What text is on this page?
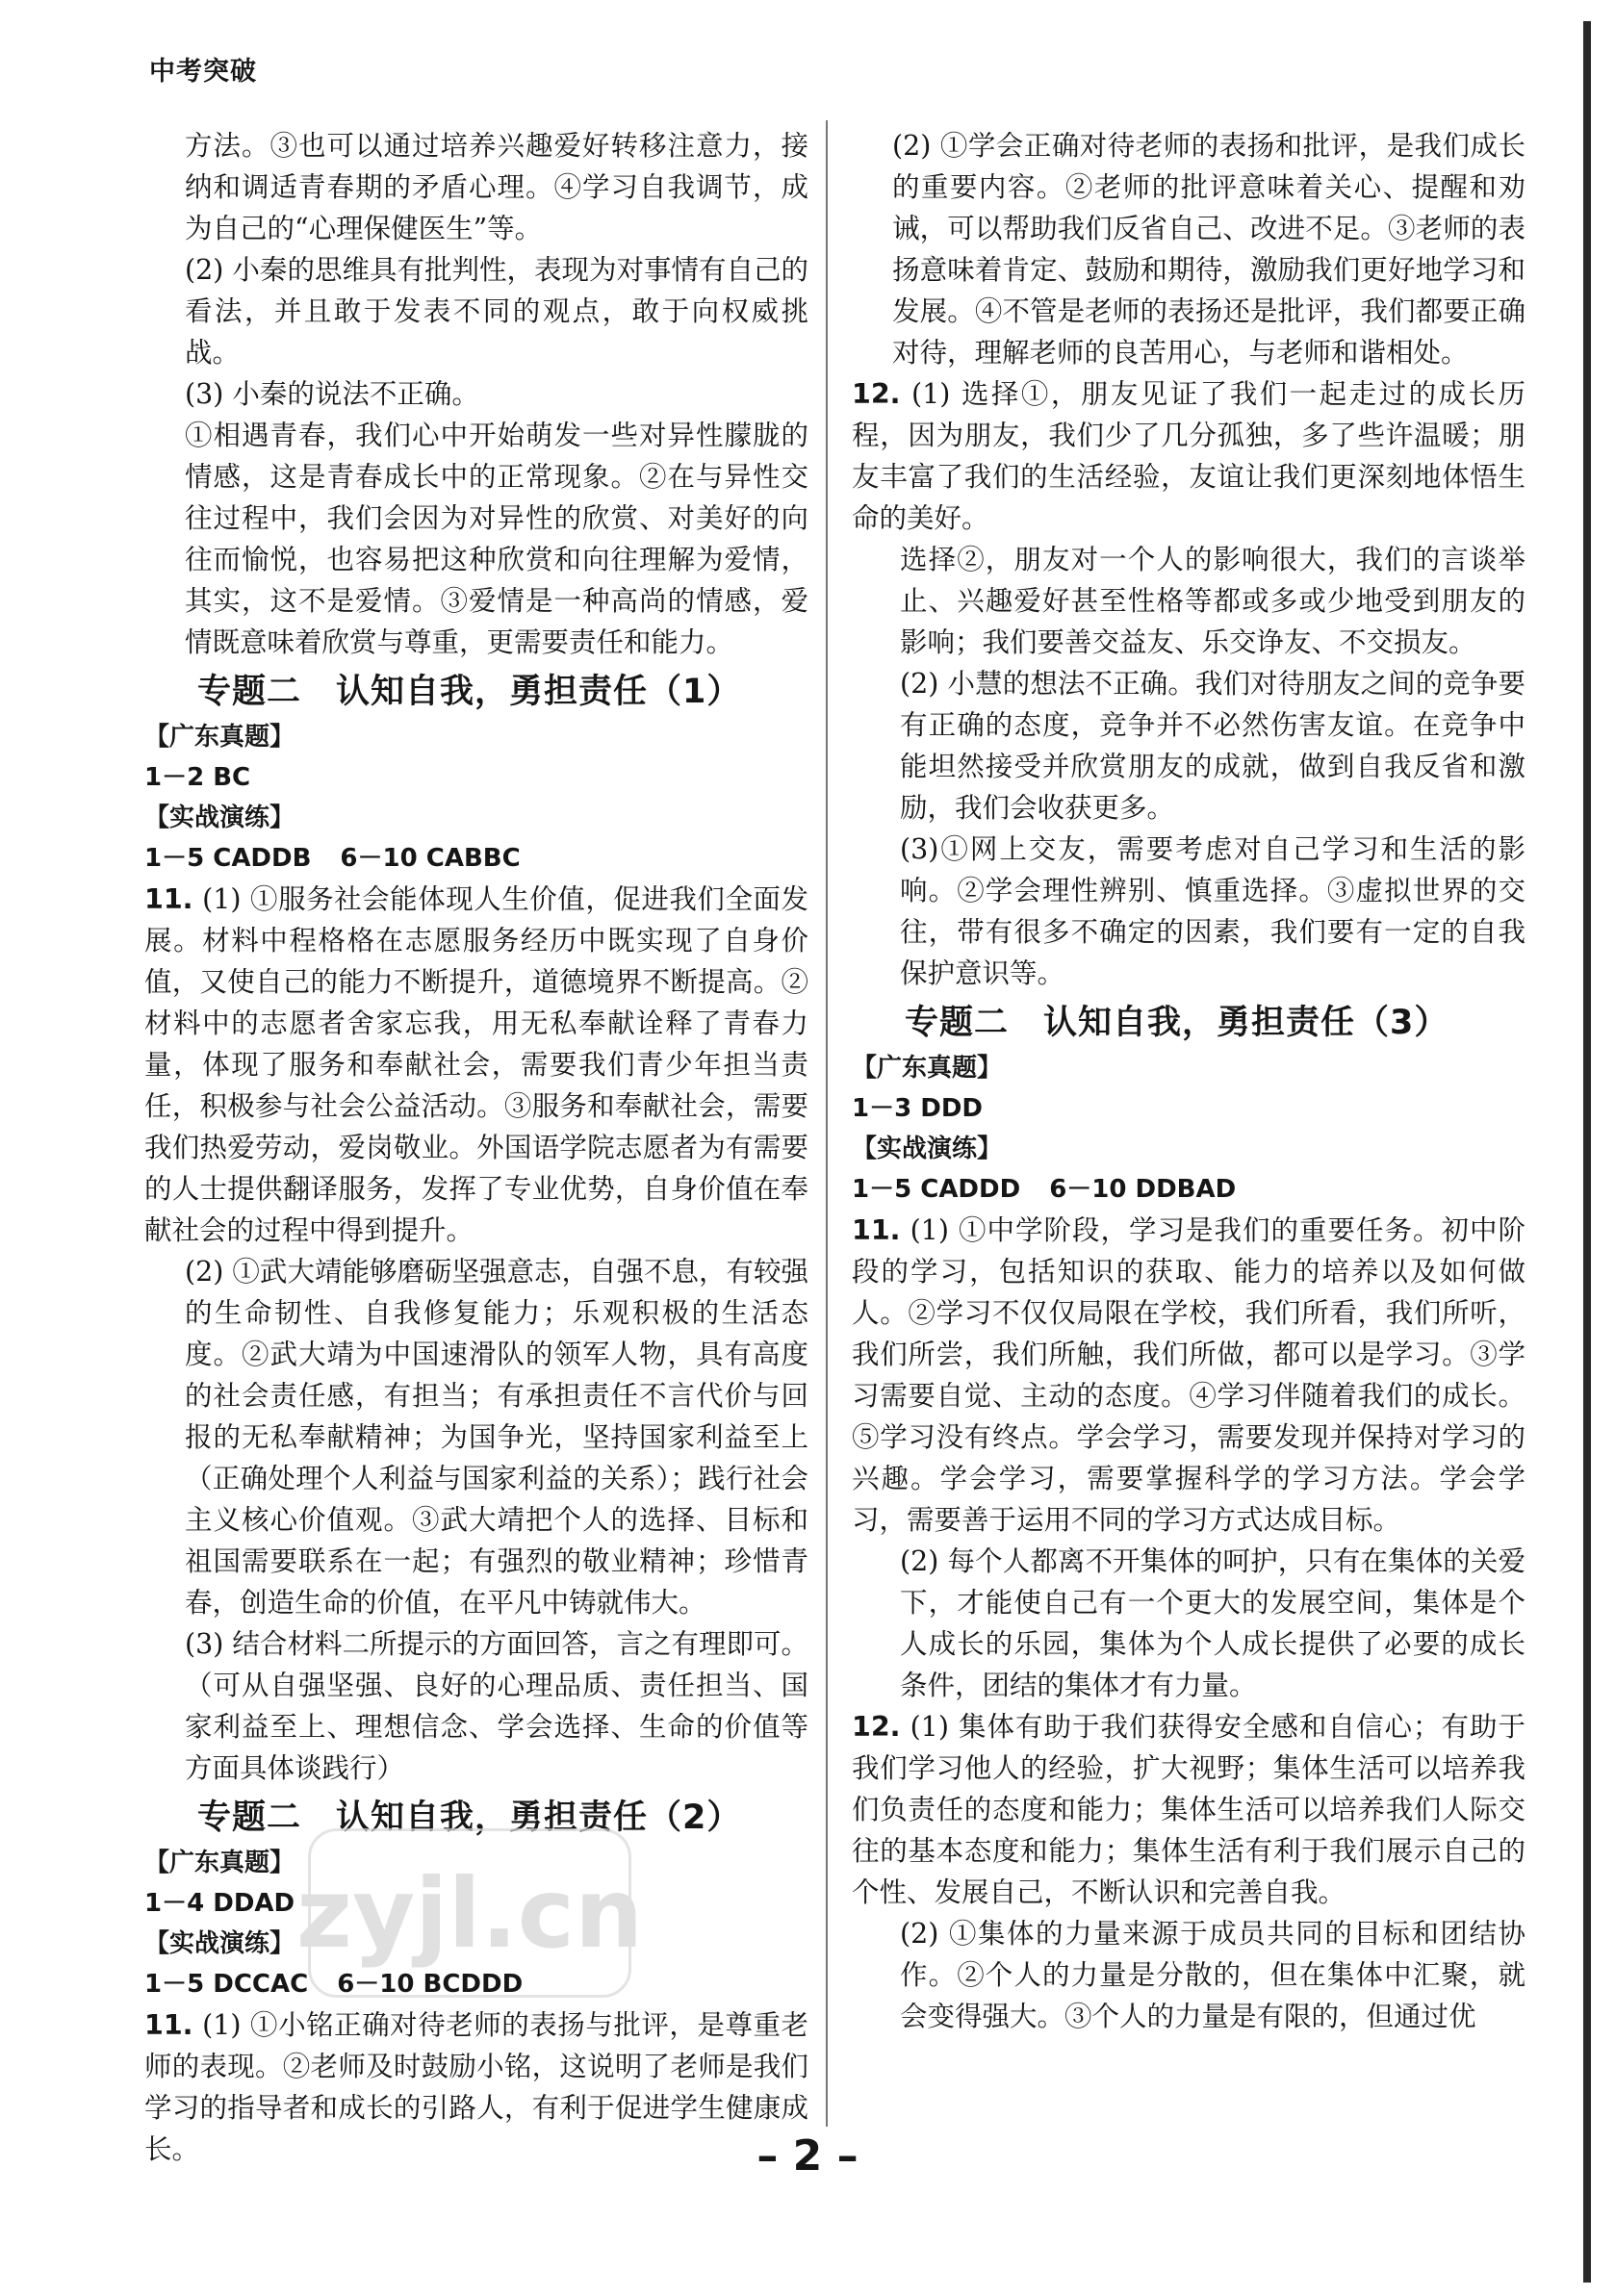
中考突破

方法。③也可以通过培养兴趣爱好转移注意力，接纳和调适青春期的矛盾心理。④学习自我调节，成为自己的“心理保健医生”等。

(2) 小秦的思维具有批判性，表现为对事情有自己的看法，并且敢于发表不同的观点，敢于向权威挑战。

(3) 小秦的说法不正确。

①相遇青春，我们心中开始萌发一些对异性朦胧的情感，这是青春成长中的正常现象。②在与异性交往过程中，我们会因为对异性的欣赏、对美好的向往而愉悦，也容易把这种欣赏和向往理解为爱情，其实，这不是爱情。③爱情是一种高尚的情感，爱情既意味着欣赏与尊重，更需要责任和能力。

专题二　认知自我，勇担责任（1）
【广东真题】
1－2 BC
【实战演练】
1－5 CADDB 6－10 CABBC

11. (1) ①服务社会能体现人生价值，促进我们全面发展。材料中程格格在志愿服务经历中既实现了自身价值，又使自己的能力不断提升，道德境界不断提高。②材料中的志愿者舍家忘我，用无私奉献诠释了青春力量，体现了服务和奉献社会，需要我们青少年担当责任，积极参与社会公益活动。③服务和奉献社会，需要我们热爱劳动，爱岗敬业。外国语学院志愿者为有需要的人士提供翻译服务，发挥了专业优势，自身价值在奉献社会的过程中得到提升。

(2) ①武大靖能够磨砺坚强意志，自强不息，有较强的生命韧性、自我修复能力；乐观积极的生活态度。②武大靖为中国速滑队的领军人物，具有高度的社会责任感，有担当；有承担责任不言代价与回报的无私奉献精神；为国争光，坚持国家利益至上（正确处理个人利益与国家利益的关系）；践行社会主义核心价值观。③武大靖把个人的选择、目标和祖国需要联系在一起；有强烈的敬业精神；珍惜青春，创造生命的价值，在平凡中铸就伟大。

(3) 结合材料二所提示的方面回答，言之有理即可。（可从自强坚强、良好的心理品质、责任担当、国家利益至上、理想信念、学会选择、生命的价值等方面具体谈践行）

专题二　认知自我，勇担责任（2）
【广东真题】
1－4 DDAD
【实战演练】
1－5 DCCAC 6－10 BCDDD

11. (1) ①小铭正确对待老师的表扬与批评，是尊重老师的表现。②老师及时鼓励小铭，这说明了老师是我们学习的指导者和成长的引路人，有利于促进学生健康成长。

(2) ①学会正确对待老师的表扬和批评，是我们成长的重要内容。②老师的批评意味着关心、提醒和劝诫，可以帮助我们反省自己、改进不足。③老师的表扬意味着肯定、鼓励和期待，激励我们更好地学习和发展。④不管是老师的表扬还是批评，我们都要正确对待，理解老师的良苦用心，与老师和谐相处。

12. (1) 选择①，朋友见证了我们一起走过的成长历程，因为朋友，我们少了几分孤独，多了些许温暖；朋友丰富了我们的生活经验，友谊让我们更深刻地体悟生命的美好。

选择②，朋友对一个人的影响很大，我们的言谈举止、兴趣爱好甚至性格等都或多或少地受到朋友的影响；我们要善交益友、乐交诤友、不交损友。

(2) 小慧的想法不正确。我们对待朋友之间的竞争要有正确的态度，竞争并不必然伤害友谊。在竞争中能坦然接受并欣赏朋友的成就，做到自我反省和激励，我们会收获更多。

(3)①网上交友，需要考虑对自己学习和生活的影响。②学会理性辨别、慎重选择。③虚拟世界的交往，带有很多不确定的因素，我们要有一定的自我保护意识等。

专题二　认知自我，勇担责任（3）
【广东真题】
1－3 DDD
【实战演练】
1－5 CADDD 6－10 DDBAD

11. (1) ①中学阶段，学习是我们的重要任务。初中阶段的学习，包括知识的获取、能力的培养以及如何做人。②学习不仅仅局限在学校，我们所看，我们所听，我们所尝，我们所触，我们所做，都可以是学习。③学习需要自觉、主动的态度。④学习伴随着我们的成长。⑤学习没有终点。学会学习，需要发现并保持对学习的兴趣。学会学习，需要掌握科学的学习方法。学会学习，需要善于运用不同的学习方式达成目标。

(2) 每个人都离不开集体的呵护，只有在集体的关爱下，才能使自己有一个更大的发展空间，集体是个人成长的乐园，集体为个人成长提供了必要的成长条件，团结的集体才有力量。

12. (1) 集体有助于我们获得安全感和自信心；有助于我们学习他人的经验，扩大视野；集体生活可以培养我们负责任的态度和能力；集体生活可以培养我们人际交往的基本态度和能力；集体生活有利于我们展示自己的个性、发展自己，不断认识和完善自我。

(2) ①集体的力量来源于成员共同的目标和团结协作。②个人的力量是分散的，但在集体中汇聚，就会变得强大。③个人的力量是有限的，但通过优

zyjl.cn
– 2 –
